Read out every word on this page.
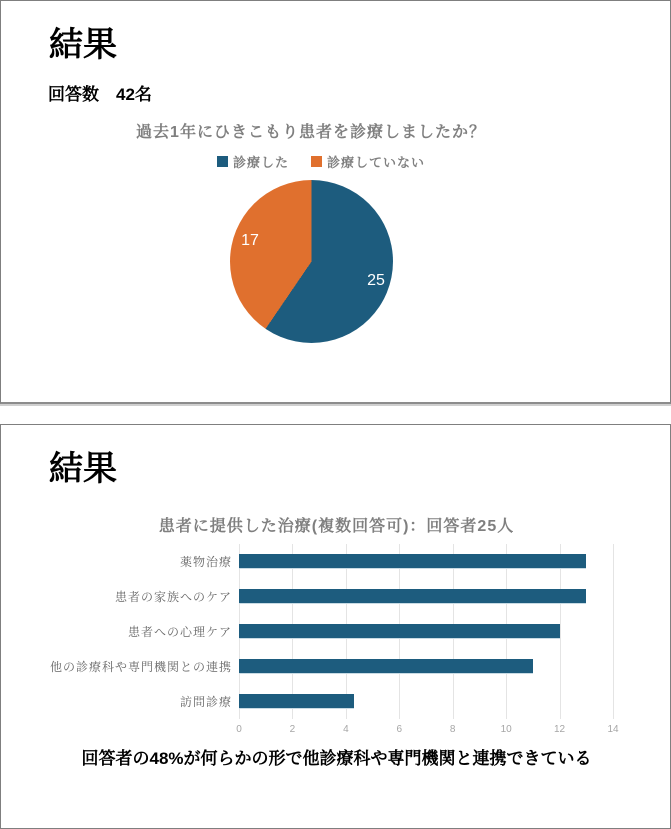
結果
回答数　42名
過去1年にひきこもり患者を診療しましたか？
診療した	診療していない
25
17
結果
患者に提供した治療(複数回答可)：回答者25人
薬物治療
患者の家族へのケア
患者への心理ケア
他の診療科や専門機関との連携
訪問診療
0	2	4	6	8	10	12	14
回答者の48%が何らかの形で他診療科や専門機関と連携できている
